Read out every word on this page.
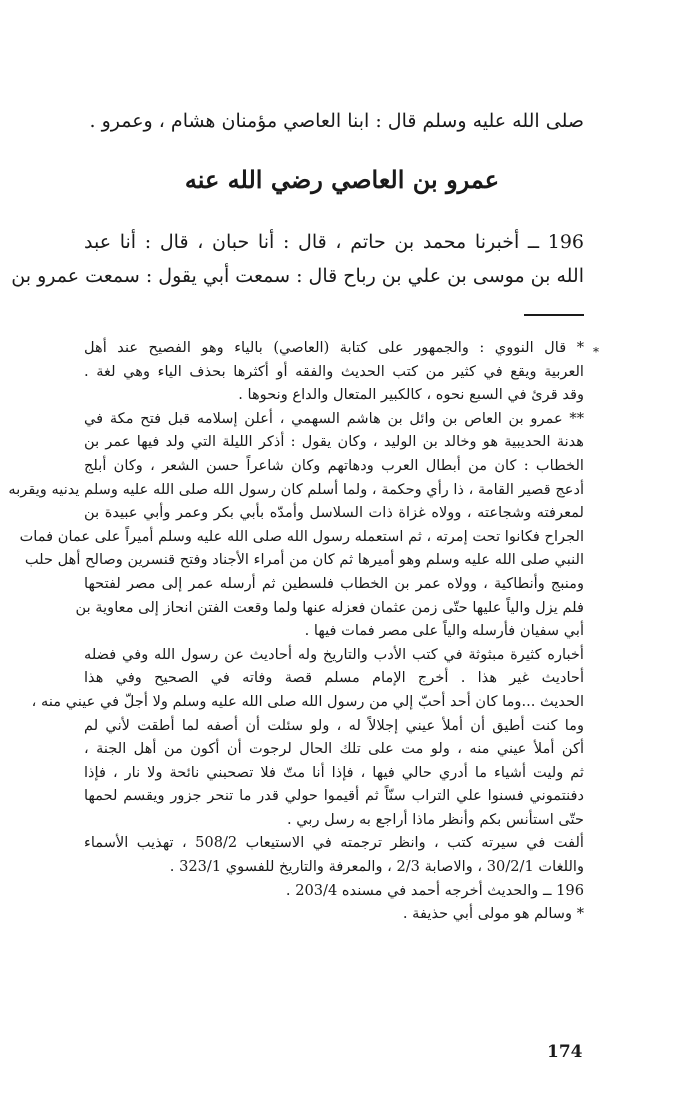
صلى الله عليه وسلم قال : ابنا العاصي مؤمنان هشام ، وعمرو .
عمرو بن العاصي رضي الله عنه
196 ــ أخبرنا محمد بن حاتم ، قال : أنا حبان ، قال : أنا عبد
الله بن موسى بن علي بن رباح قال : سمعت أبي يقول : سمعت عمرو بن
*
* قال النووي : والجمهور على كتابة (العاصي) بالياء وهو الفصيح عند أهل
العربية ويقع في كثير من كتب الحديث والفقه أو أكثرها بحذف الياء وهي لغة .
وقد قرئ في السبع نحوه ، كالكبير المتعال والداع ونحوها .
** عمرو بن العاص بن وائل بن هاشم السهمي ، أعلن إسلامه قبل فتح مكة في
هدنة الحديبية هو وخالد بن الوليد ، وكان يقول : أذكر الليلة التي ولد فيها عمر بن
الخطاب : كان من أبطال العرب ودهاتهم وكان شاعراً حسن الشعر ، وكان أبلج
أدعج قصير القامة ، ذا رأي وحكمة ، ولما أسلم كان رسول الله صلى الله عليه وسلم يدنيه ويقربه
لمعرفته وشجاعته ، وولاه غزاة ذات السلاسل وأمدّه بأبي بكر وعمر وأبي عبيدة بن
الجراح فكانوا تحت إمرته ، ثم استعمله رسول الله صلى الله عليه وسلم أميراً على عمان فمات
النبي صلى الله عليه وسلم وهو أميرها ثم كان من أمراء الأجناد وفتح قنسرين وصالح أهل حلب
ومنبج وأنطاكية ، وولاه عمر بن الخطاب فلسطين ثم أرسله عمر إلى مصر لفتحها
فلم يزل والياً عليها حتّى زمن عثمان فعزله عنها ولما وقعت الفتن انحاز إلى معاوية بن
أبي سفيان فأرسله والياً على مصر فمات فيها .
أخباره كثيرة مبثوثة في كتب الأدب والتاريخ وله أحاديث عن رسول الله وفي فضله
أحاديث غير هذا . أخرج الإمام مسلم قصة وفاته في الصحيح وفي هذا
الحديث ...وما كان أحد أحبّ إلي من رسول الله صلى الله عليه وسلم ولا أجلّ في عيني منه ،
وما كنت أطيق أن أملأ عيني إجلالاً له ، ولو سئلت أن أصفه لما أطقت لأني لم
أكن أملأ عيني منه ، ولو مت على تلك الحال لرجوت أن أكون من أهل الجنة ،
ثم وليت أشياء ما أدري حالي فيها ، فإذا أنا متّ فلا تصحبني نائحة ولا نار ، فإذا
دفنتموني فسنوا علي التراب سنّاً ثم أقيموا حولي قدر ما تنحر جزور ويقسم لحمها
حتّى استأنس بكم وأنظر ماذا أراجع به رسل ربي .
ألفت في سيرته كتب ، وانظر ترجمته في الاستيعاب 508/2 ، تهذيب الأسماء
واللغات 30/2/1 ، والاصابة 2/3 ، والمعرفة والتاريخ للفسوي 323/1 .
196 ــ والحديث أخرجه أحمد في مسنده 203/4 .
* وسالم هو مولى أبي حذيفة .
174
